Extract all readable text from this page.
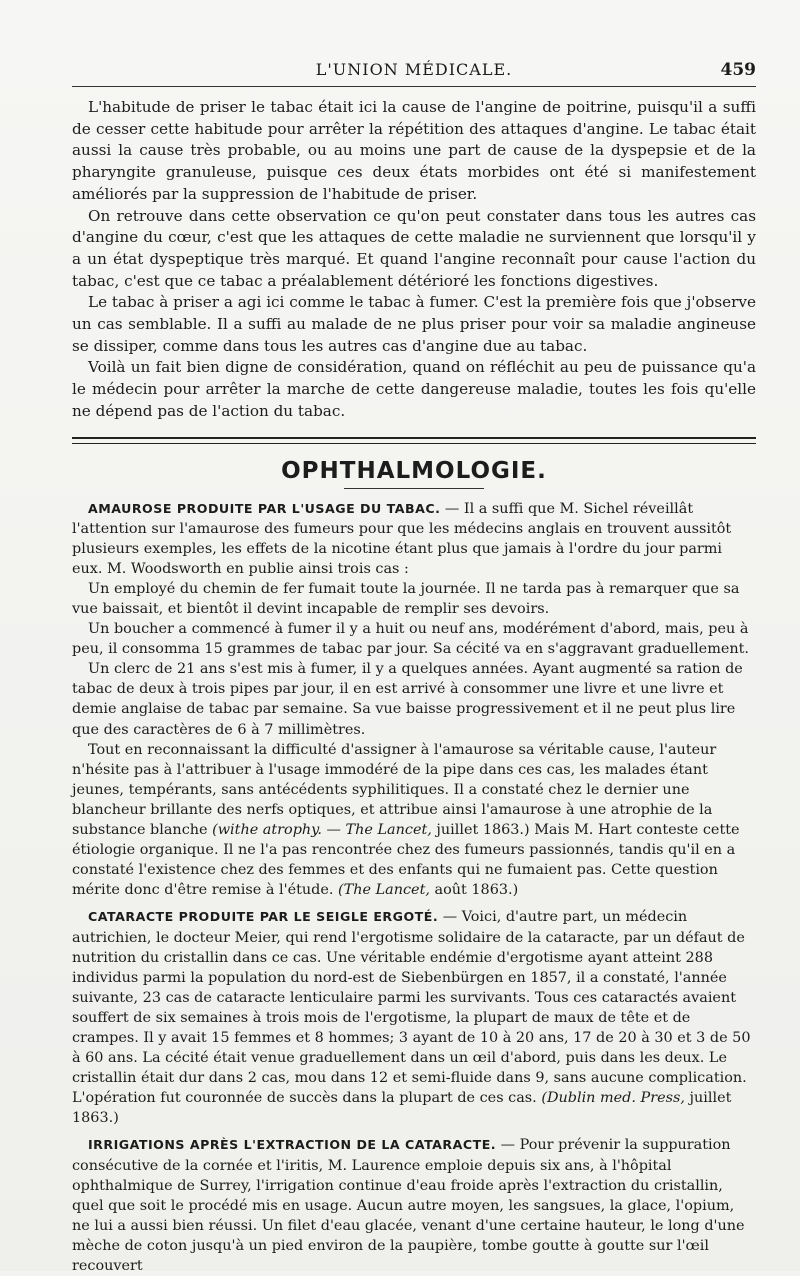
L'UNION MÉDICALE.	459

L'habitude de priser le tabac était ici la cause de l'angine de poitrine, puisqu'il a suffi de cesser cette habitude pour arrêter la répétition des attaques d'angine. Le tabac était aussi la cause très probable, ou au moins une part de cause de la dyspepsie et de la pharyngite granuleuse, puisque ces deux états morbides ont été si manifestement améliorés par la suppression de l'habitude de priser.

On retrouve dans cette observation ce qu'on peut constater dans tous les autres cas d'angine du cœur, c'est que les attaques de cette maladie ne surviennent que lorsqu'il y a un état dyspeptique très marqué. Et quand l'angine reconnaît pour cause l'action du tabac, c'est que ce tabac a préalablement détérioré les fonctions digestives.

Le tabac à priser a agi ici comme le tabac à fumer. C'est la première fois que j'observe un cas semblable. Il a suffi au malade de ne plus priser pour voir sa maladie angineuse se dissiper, comme dans tous les autres cas d'angine due au tabac.

Voilà un fait bien digne de considération, quand on réfléchit au peu de puissance qu'a le médecin pour arrêter la marche de cette dangereuse maladie, toutes les fois qu'elle ne dépend pas de l'action du tabac.

OPHTHALMOLOGIE.

AMAUROSE PRODUITE PAR L'USAGE DU TABAC. — Il a suffi que M. Sichel réveillât l'attention sur l'amaurose des fumeurs pour que les médecins anglais en trouvent aussitôt plusieurs exemples, les effets de la nicotine étant plus que jamais à l'ordre du jour parmi eux. M. Woodsworth en publie ainsi trois cas :

Un employé du chemin de fer fumait toute la journée. Il ne tarda pas à remarquer que sa vue baissait, et bientôt il devint incapable de remplir ses devoirs.

Un boucher a commencé à fumer il y a huit ou neuf ans, modérément d'abord, mais, peu à peu, il consomma 15 grammes de tabac par jour. Sa cécité va en s'aggravant graduellement.

Un clerc de 21 ans s'est mis à fumer, il y a quelques années. Ayant augmenté sa ration de tabac de deux à trois pipes par jour, il en est arrivé à consommer une livre et une livre et demie anglaise de tabac par semaine. Sa vue baisse progressivement et il ne peut plus lire que des caractères de 6 à 7 millimètres.

Tout en reconnaissant la difficulté d'assigner à l'amaurose sa véritable cause, l'auteur n'hésite pas à l'attribuer à l'usage immodéré de la pipe dans ces cas, les malades étant jeunes, tempérants, sans antécédents syphilitiques. Il a constaté chez le dernier une blancheur brillante des nerfs optiques, et attribue ainsi l'amaurose à une atrophie de la substance blanche (withe atrophy. — The Lancet, juillet 1863.) Mais M. Hart conteste cette étiologie organique. Il ne l'a pas rencontrée chez des fumeurs passionnés, tandis qu'il en a constaté l'existence chez des femmes et des enfants qui ne fumaient pas. Cette question mérite donc d'être remise à l'étude. (The Lancet, août 1863.)

CATARACTE PRODUITE PAR LE SEIGLE ERGOTÉ. — Voici, d'autre part, un médecin autrichien, le docteur Meier, qui rend l'ergotisme solidaire de la cataracte, par un défaut de nutrition du cristallin dans ce cas. Une véritable endémie d'ergotisme ayant atteint 288 individus parmi la population du nord-est de Siebenbürgen en 1857, il a constaté, l'année suivante, 23 cas de cataracte lenticulaire parmi les survivants. Tous ces cataractés avaient souffert de six semaines à trois mois de l'ergotisme, la plupart de maux de tête et de crampes. Il y avait 15 femmes et 8 hommes; 3 ayant de 10 à 20 ans, 17 de 20 à 30 et 3 de 50 à 60 ans. La cécité était venue graduellement dans un œil d'abord, puis dans les deux. Le cristallin était dur dans 2 cas, mou dans 12 et semi-fluide dans 9, sans aucune complication. L'opération fut couronnée de succès dans la plupart de ces cas. (Dublin med. Press, juillet 1863.)

IRRIGATIONS APRÈS L'EXTRACTION DE LA CATARACTE. — Pour prévenir la suppuration consécutive de la cornée et l'iritis, M. Laurence emploie depuis six ans, à l'hôpital ophthalmique de Surrey, l'irrigation continue d'eau froide après l'extraction du cristallin, quel que soit le procédé mis en usage. Aucun autre moyen, les sangsues, la glace, l'opium, ne lui a aussi bien réussi. Un filet d'eau glacée, venant d'une certaine hauteur, le long d'une mèche de coton jusqu'à un pied environ de la paupière, tombe goutte à goutte sur l'œil recouvert
